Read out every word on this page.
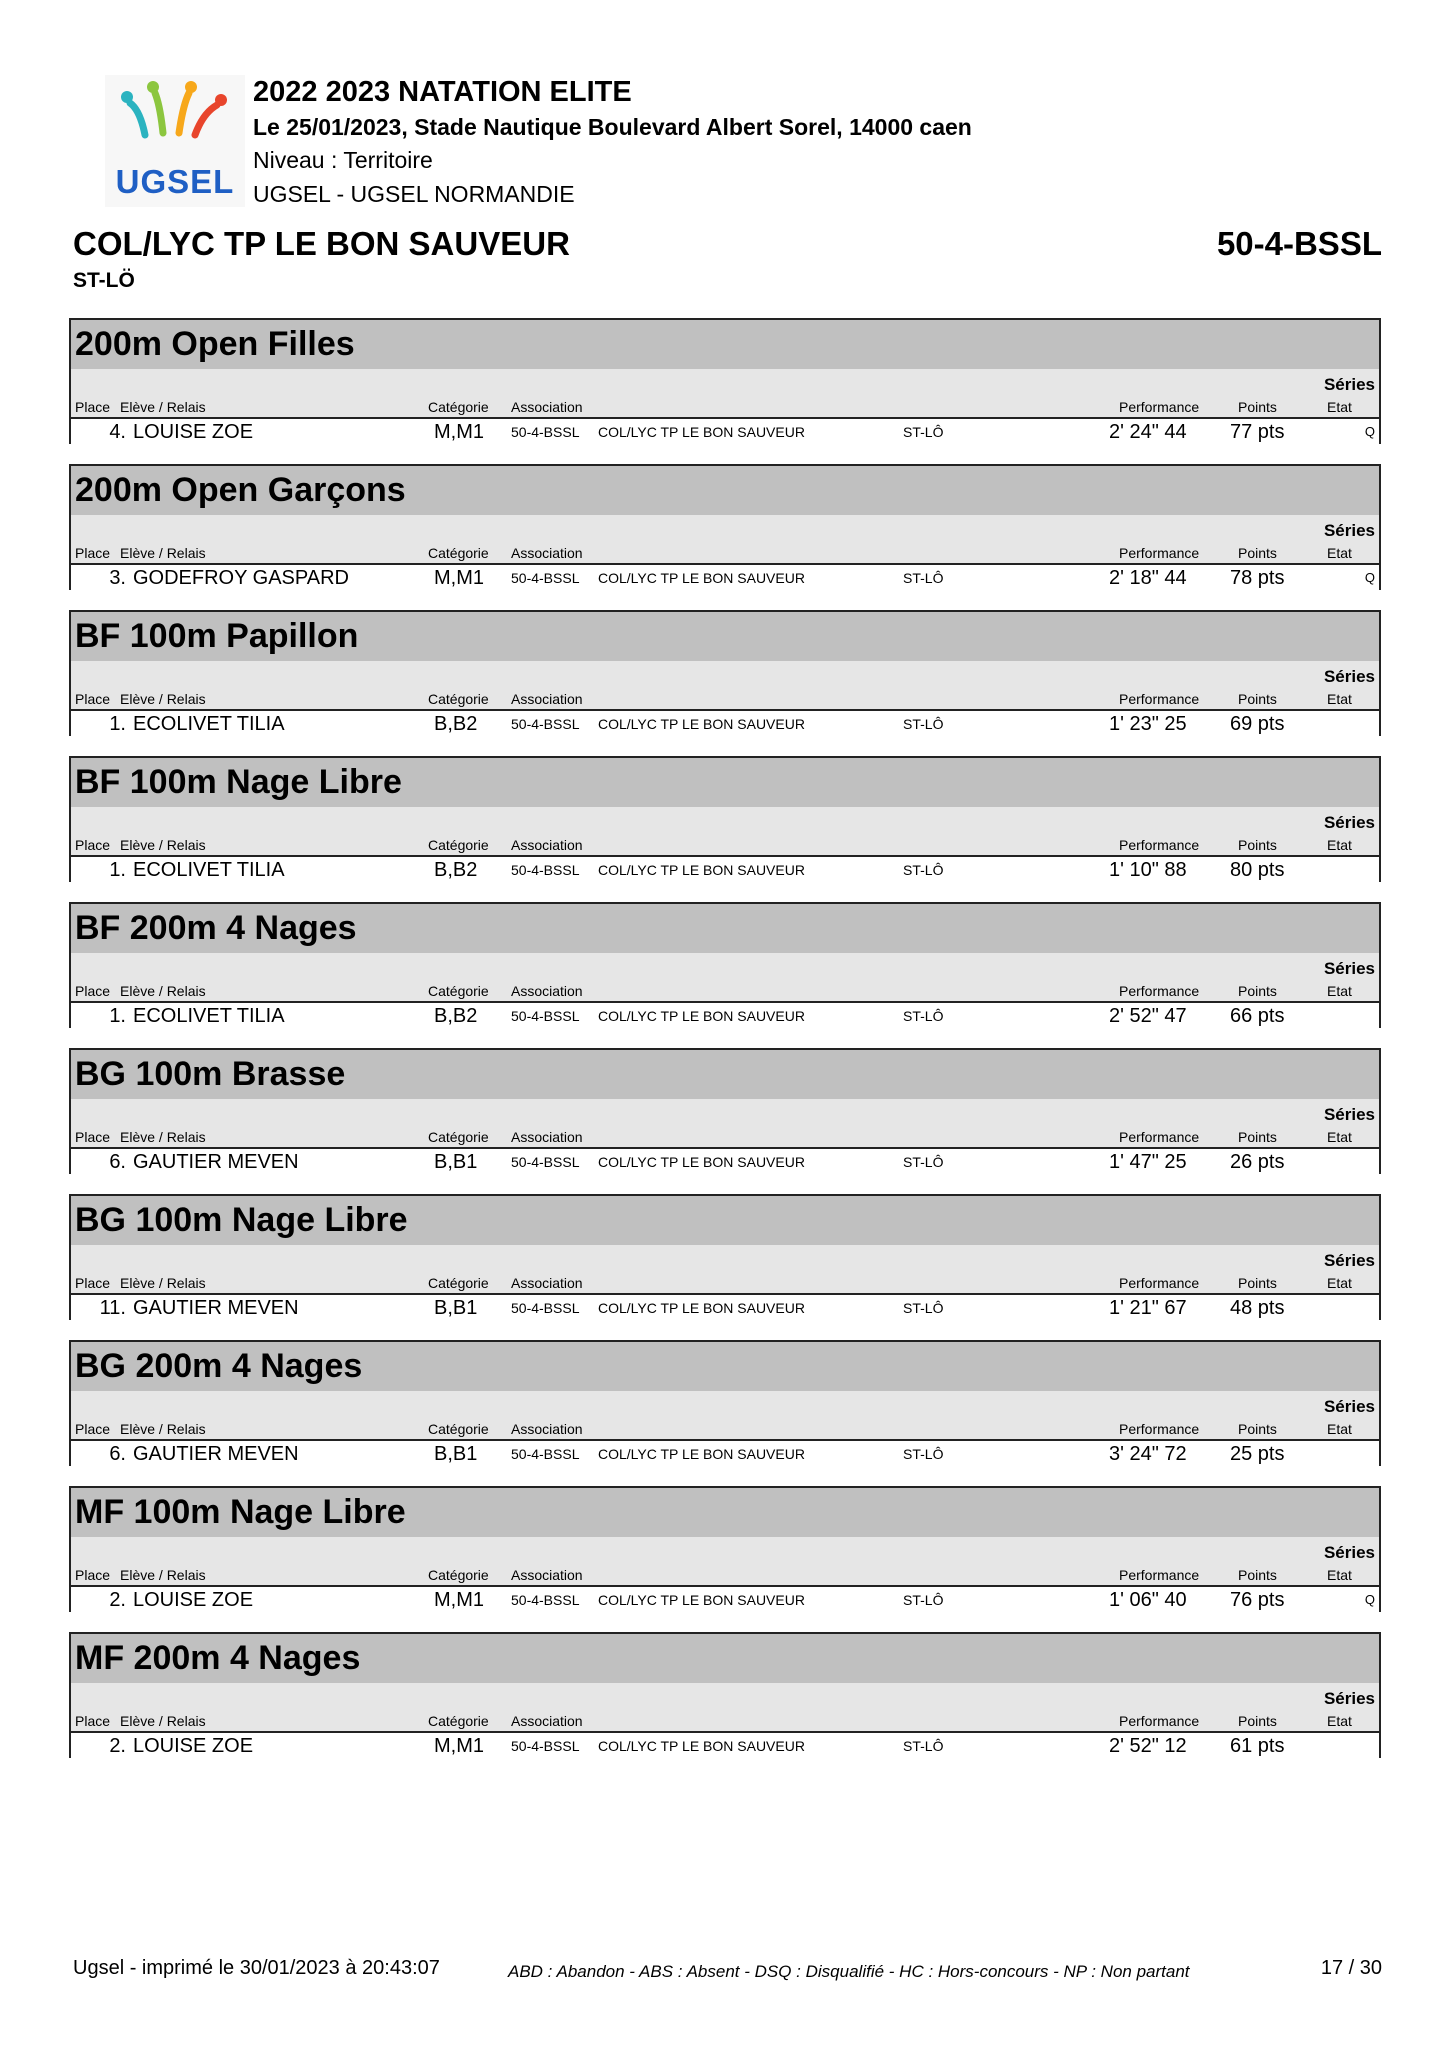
UGSEL
2022 2023 NATATION ELITE
Le 25/01/2023, Stade Nautique Boulevard Albert Sorel, 14000 caen
Niveau : Territoire
UGSEL - UGSEL NORMANDIE
COL/LYC TP LE BON SAUVEUR
ST-LÖ
50-4-BSSL
200m Open Filles
Séries
Place Elève / Relais	Catégorie Association	Performance	Points	Etat
4. LOUISE ZOE	M,M1 50-4-BSSL COL/LYC TP LE BON SAUVEUR	ST-LÔ	2' 24" 44 77 pts	Q
200m Open Garçons
Séries
Place Elève / Relais	Catégorie Association	Performance	Points	Etat
3. GODEFROY GASPARD	M,M1 50-4-BSSL COL/LYC TP LE BON SAUVEUR	ST-LÔ	2' 18" 44 78 pts	Q
BF 100m Papillon
Séries
Place Elève / Relais	Catégorie Association	Performance	Points	Etat
1. ECOLIVET TILIA	B,B2 50-4-BSSL COL/LYC TP LE BON SAUVEUR	ST-LÔ	1' 23" 25 69 pts
BF 100m Nage Libre
Séries
Place Elève / Relais	Catégorie Association	Performance	Points	Etat
1. ECOLIVET TILIA	B,B2 50-4-BSSL COL/LYC TP LE BON SAUVEUR	ST-LÔ	1' 10" 88 80 pts
BF 200m 4 Nages
Séries
Place Elève / Relais	Catégorie Association	Performance	Points	Etat
1. ECOLIVET TILIA	B,B2 50-4-BSSL COL/LYC TP LE BON SAUVEUR	ST-LÔ	2' 52" 47 66 pts
BG 100m Brasse
Séries
Place Elève / Relais	Catégorie Association	Performance	Points	Etat
6. GAUTIER MEVEN	B,B1 50-4-BSSL COL/LYC TP LE BON SAUVEUR	ST-LÔ	1' 47" 25 26 pts
BG 100m Nage Libre
Séries
Place Elève / Relais	Catégorie Association	Performance	Points	Etat
11. GAUTIER MEVEN	B,B1 50-4-BSSL COL/LYC TP LE BON SAUVEUR	ST-LÔ	1' 21" 67 48 pts
BG 200m 4 Nages
Séries
Place Elève / Relais	Catégorie Association	Performance	Points	Etat
6. GAUTIER MEVEN	B,B1 50-4-BSSL COL/LYC TP LE BON SAUVEUR	ST-LÔ	3' 24" 72 25 pts
MF 100m Nage Libre
Séries
Place Elève / Relais	Catégorie Association	Performance	Points	Etat
2. LOUISE ZOE	M,M1 50-4-BSSL COL/LYC TP LE BON SAUVEUR	ST-LÔ	1' 06" 40 76 pts	Q
MF 200m 4 Nages
Séries
Place Elève / Relais	Catégorie Association	Performance	Points	Etat
2. LOUISE ZOE	M,M1 50-4-BSSL COL/LYC TP LE BON SAUVEUR	ST-LÔ	2' 52" 12 61 pts
Ugsel - imprimé le 30/01/2023 à 20:43:07	ABD : Abandon - ABS : Absent - DSQ : Disqualifié - HC : Hors-concours - NP : Non partant	17 / 30
